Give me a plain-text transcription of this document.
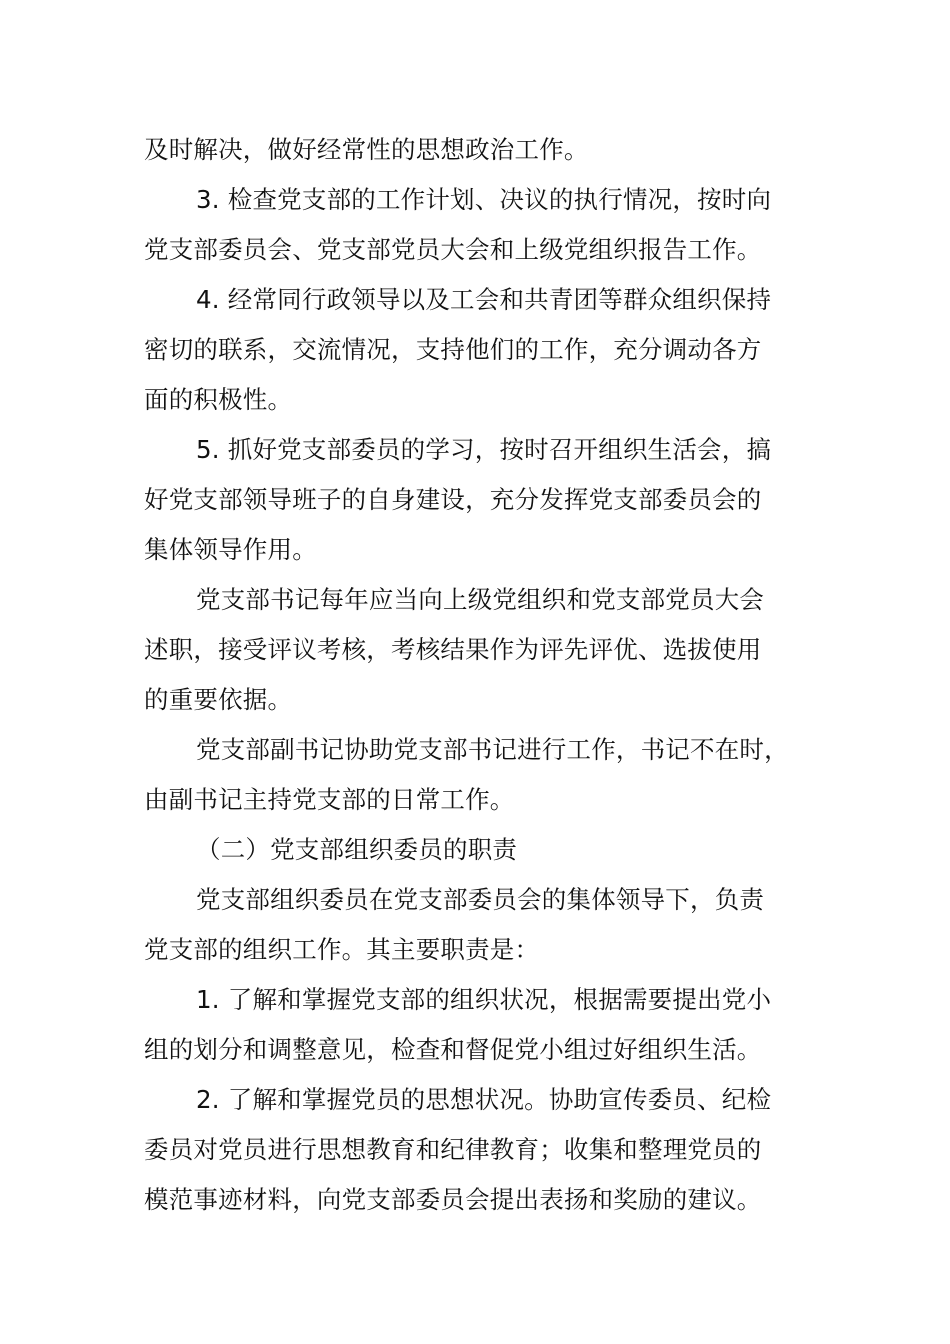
及时解决，做好经常性的思想政治工作。
3. 检查党支部的工作计划、决议的执行情况，按时向
党支部委员会、党支部党员大会和上级党组织报告工作。
4. 经常同行政领导以及工会和共青团等群众组织保持
密切的联系，交流情况，支持他们的工作，充分调动各方
面的积极性。
5. 抓好党支部委员的学习，按时召开组织生活会，搞
好党支部领导班子的自身建设，充分发挥党支部委员会的
集体领导作用。
党支部书记每年应当向上级党组织和党支部党员大会
述职，接受评议考核，考核结果作为评先评优、选拔使用
的重要依据。
党支部副书记协助党支部书记进行工作，书记不在时，
由副书记主持党支部的日常工作。
（二）党支部组织委员的职责
党支部组织委员在党支部委员会的集体领导下，负责
党支部的组织工作。其主要职责是：
1. 了解和掌握党支部的组织状况，根据需要提出党小
组的划分和调整意见，检查和督促党小组过好组织生活。
2. 了解和掌握党员的思想状况。协助宣传委员、纪检
委员对党员进行思想教育和纪律教育；收集和整理党员的
模范事迹材料，向党支部委员会提出表扬和奖励的建议。
